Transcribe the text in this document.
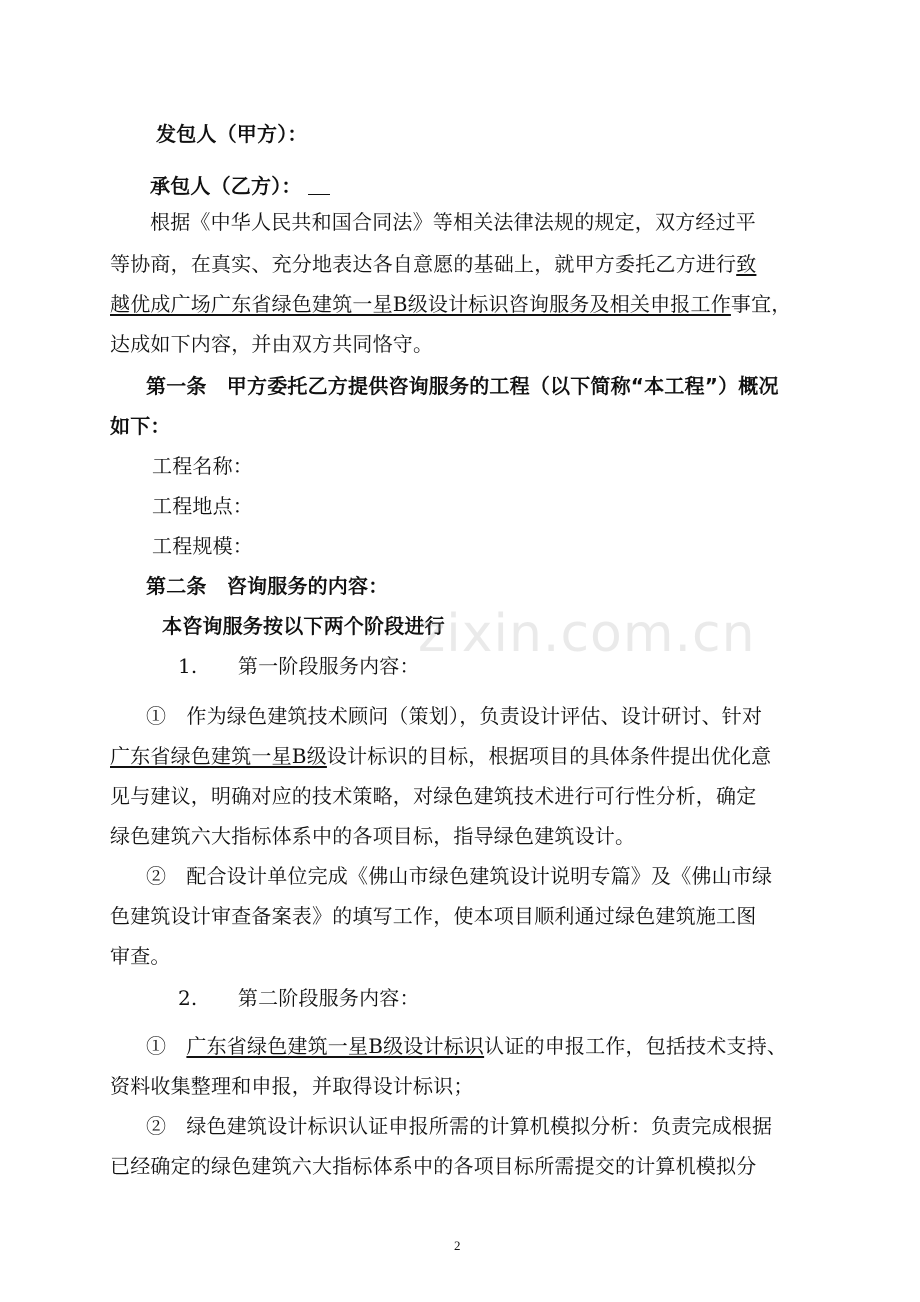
发包人（甲方）：
承包人（乙方）：
根据《中华人民共和国合同法》等相关法律法规的规定，双方经过平
等协商，在真实、充分地表达各自意愿的基础上，就甲方委托乙方进行致
越优成广场广东省绿色建筑一星B级设计标识咨询服务及相关申报工作事宜，
达成如下内容，并由双方共同恪守。
第一条　甲方委托乙方提供咨询服务的工程（以下简称“本工程”）概况
如下：
工程名称：
工程地点：
工程规模：
第二条　咨询服务的内容：
本咨询服务按以下两个阶段进行
1.　　第一阶段服务内容：
①　作为绿色建筑技术顾问（策划），负责设计评估、设计研讨、针对
广东省绿色建筑一星B级设计标识的目标，根据项目的具体条件提出优化意
见与建议，明确对应的技术策略，对绿色建筑技术进行可行性分析，确定
绿色建筑六大指标体系中的各项目标，指导绿色建筑设计。
②　配合设计单位完成《佛山市绿色建筑设计说明专篇》及《佛山市绿
色建筑设计审查备案表》的填写工作，使本项目顺利通过绿色建筑施工图
审查。
2.　　第二阶段服务内容：
①　广东省绿色建筑一星B级设计标识认证的申报工作，包括技术支持、
资料收集整理和申报，并取得设计标识；
②　绿色建筑设计标识认证申报所需的计算机模拟分析：负责完成根据
已经确定的绿色建筑六大指标体系中的各项目标所需提交的计算机模拟分
zixin.com.cn
2
